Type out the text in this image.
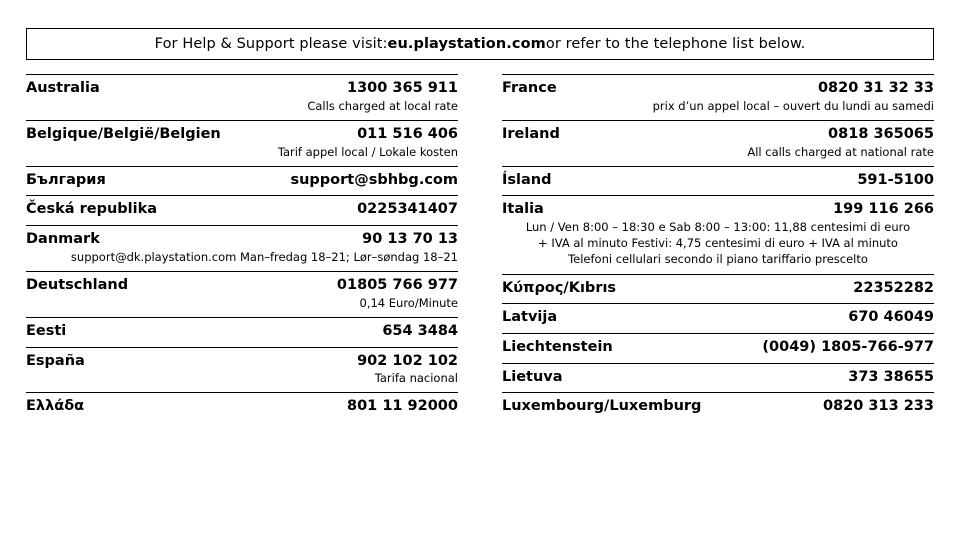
For Help & Support please visit: eu.playstation.com or refer to the telephone list below.
Australia	1300 365 911
Calls charged at local rate
Belgique/België/Belgien	011 516 406
Tarif appel local / Lokale kosten
България	support@sbhbg.com
Česká republika	0225341407
Danmark	90 13 70 13
support@dk.playstation.com Man–fredag 18–21; Lør–søndag 18–21
Deutschland	01805 766 977
0,14 Euro/Minute
Eesti	654 3484
España	902 102 102
Tarifa nacional
Ελλάδα	801 11 92000
France	0820 31 32 33
prix d’un appel local – ouvert du lundi au samedi
Ireland	0818 365065
All calls charged at national rate
Ísland	591-5100
Italia	199 116 266
Lun / Ven 8:00 – 18:30 e Sab 8:00 – 13:00: 11,88 centesimi di euro
+ IVA al minuto Festivi: 4,75 centesimi di euro + IVA al minuto
Telefoni cellulari secondo il piano tariffario prescelto
Κύπρος/Kıbrıs	22352282
Latvija	670 46049
Liechtenstein	(0049) 1805-766-977
Lietuva	373 38655
Luxembourg/Luxemburg	0820 313 233
